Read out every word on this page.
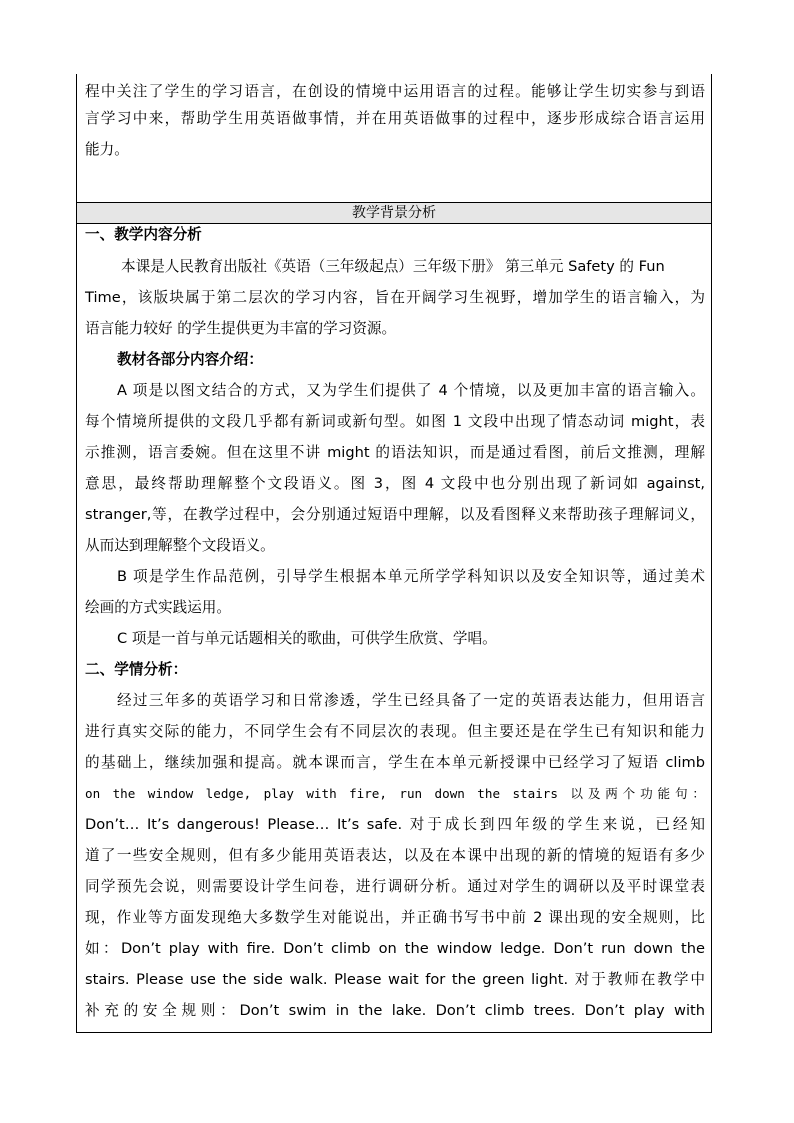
程中关注了学生的学习语言，在创设的情境中运用语言的过程。能够让学生切实参与到语
言学习中来，帮助学生用英语做事情，并在用英语做事的过程中，逐步形成综合语言运用
能力。
教学背景分析
一、教学内容分析
本课是人民教育出版社《英语（三年级起点）三年级下册》 第三单元 Safety 的 Fun
Time，该版块属于第二层次的学习内容，旨在开阔学习生视野，增加学生的语言输入，为
语言能力较好 的学生提供更为丰富的学习资源。
教材各部分内容介绍：
A 项是以图文结合的方式，又为学生们提供了 4 个情境，以及更加丰富的语言输入。
每个情境所提供的文段几乎都有新词或新句型。如图 1 文段中出现了情态动词 might，表
示推测，语言委婉。但在这里不讲 might 的语法知识，而是通过看图，前后文推测，理解
意思，最终帮助理解整个文段语义。图 3，图 4 文段中也分别出现了新词如 against,
stranger,等，在教学过程中，会分别通过短语中理解，以及看图释义来帮助孩子理解词义，
从而达到理解整个文段语义。
B 项是学生作品范例，引导学生根据本单元所学学科知识以及安全知识等，通过美术
绘画的方式实践运用。
C 项是一首与单元话题相关的歌曲，可供学生欣赏、学唱。
二、学情分析：
经过三年多的英语学习和日常渗透，学生已经具备了一定的英语表达能力，但用语言
进行真实交际的能力，不同学生会有不同层次的表现。但主要还是在学生已有知识和能力
的基础上，继续加强和提高。就本课而言，学生在本单元新授课中已经学习了短语 climb
on the window ledge, play with fire, run down the stairs 以及两个功能句：
Don’t… It’s dangerous! Please… It’s safe. 对于成长到四年级的学生来说，已经知
道了一些安全规则，但有多少能用英语表达，以及在本课中出现的新的情境的短语有多少
同学预先会说，则需要设计学生问卷，进行调研分析。通过对学生的调研以及平时课堂表
现，作业等方面发现绝大多数学生对能说出，并正确书写书中前 2 课出现的安全规则，比
如：Don’t play with fire. Don’t climb on the window ledge. Don’t run down the
stairs. Please use the side walk. Please wait for the green light. 对于教师在教学中
补充的安全规则：Don’t swim in the lake. Don’t climb trees. Don’t play with
